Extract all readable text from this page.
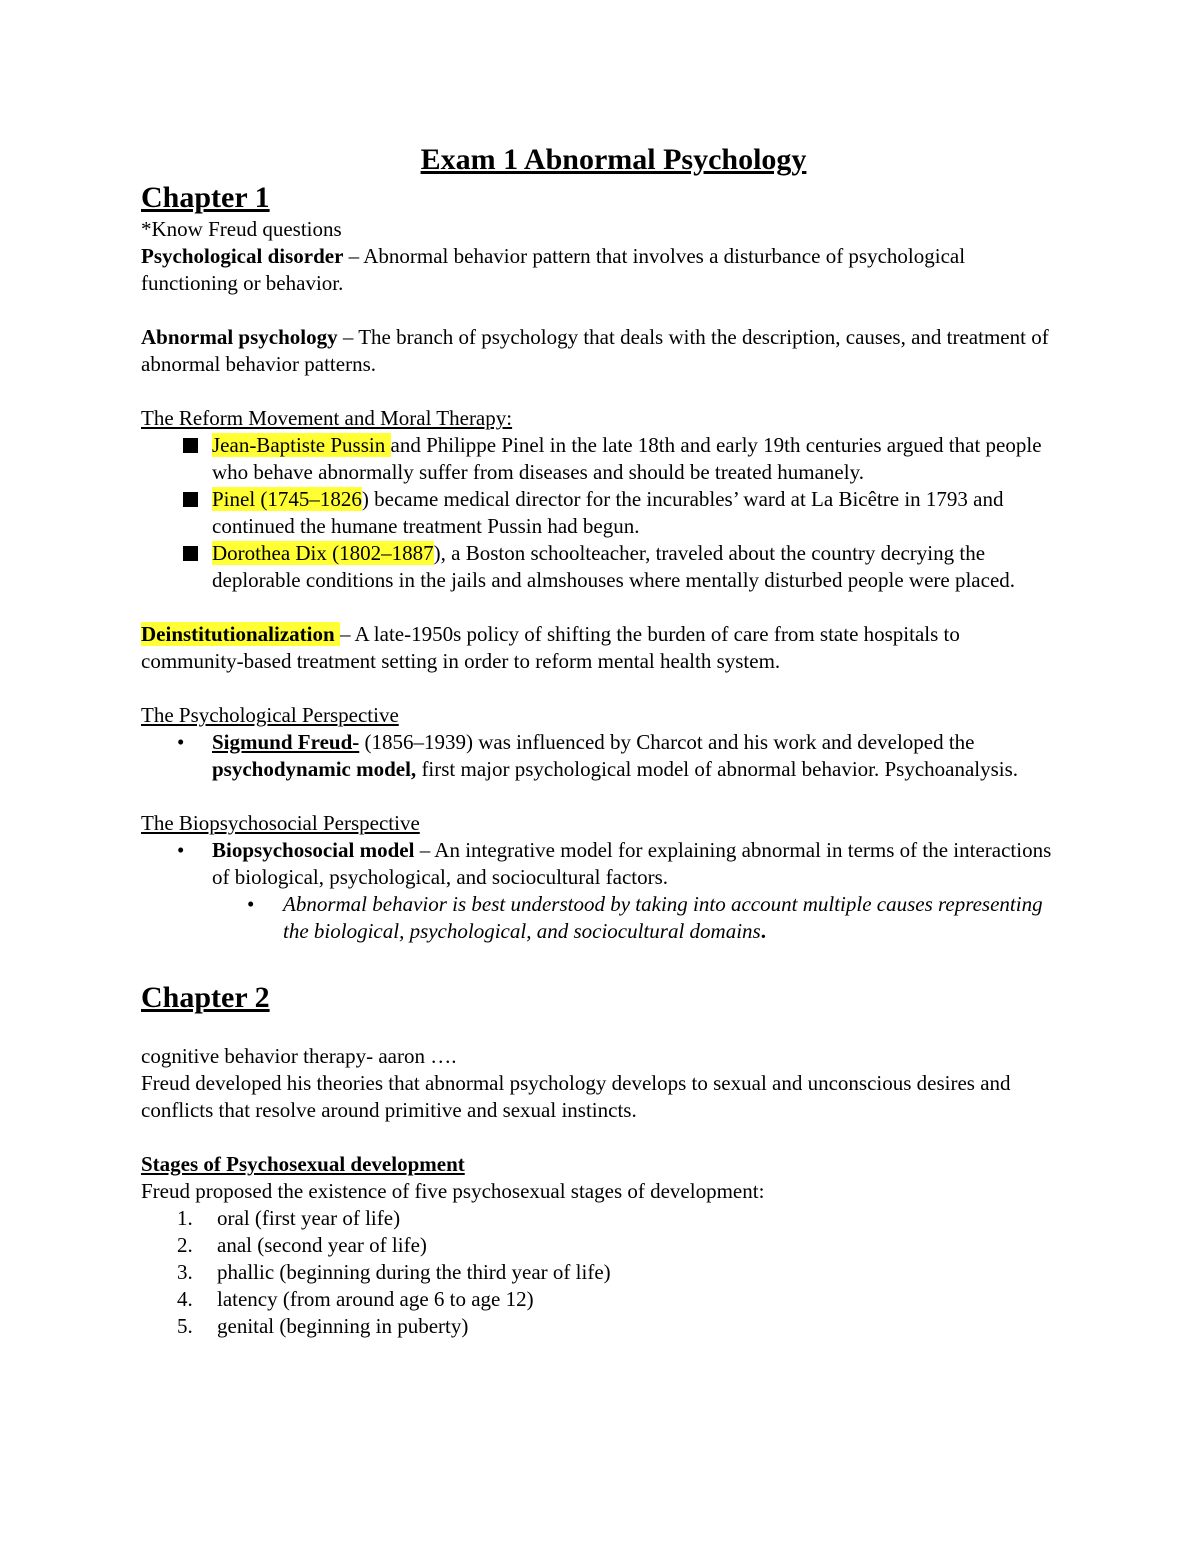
Exam 1 Abnormal Psychology
Chapter 1

*Know Freud questions

Psychological disorder – Abnormal behavior pattern that involves a disturbance of psychological functioning or behavior.

Abnormal psychology – The branch of psychology that deals with the description, causes, and treatment of abnormal behavior patterns.

The Reform Movement and Moral Therapy:

Jean-Baptiste Pussin and Philippe Pinel in the late 18th and early 19th centuries argued that people who behave abnormally suffer from diseases and should be treated humanely.
Pinel (1745–1826) became medical director for the incurables’ ward at La Bicêtre in 1793 and continued the humane treatment Pussin had begun.
Dorothea Dix (1802–1887), a Boston schoolteacher, traveled about the country decrying the deplorable conditions in the jails and almshouses where mentally disturbed people were placed.

Deinstitutionalization – A late-1950s policy of shifting the burden of care from state hospitals to community-based treatment setting in order to reform mental health system.

The Psychological Perspective

• Sigmund Freud- (1856–1939) was influenced by Charcot and his work and developed the psychodynamic model, first major psychological model of abnormal behavior. Psychoanalysis.

The Biopsychosocial Perspective

• Biopsychosocial model – An integrative model for explaining abnormal in terms of the interactions of biological, psychological, and sociocultural factors.
• Abnormal behavior is best understood by taking into account multiple causes representing the biological, psychological, and sociocultural domains.
Chapter 2

cognitive behavior therapy- aaron ….

Freud developed his theories that abnormal psychology develops to sexual and unconscious desires and conflicts that resolve around primitive and sexual instincts.

Stages of Psychosexual development

Freud proposed the existence of five psychosexual stages of development:

1. oral (first year of life)
2. anal (second year of life)
3. phallic (beginning during the third year of life)
4. latency (from around age 6 to age 12)
5. genital (beginning in puberty)
